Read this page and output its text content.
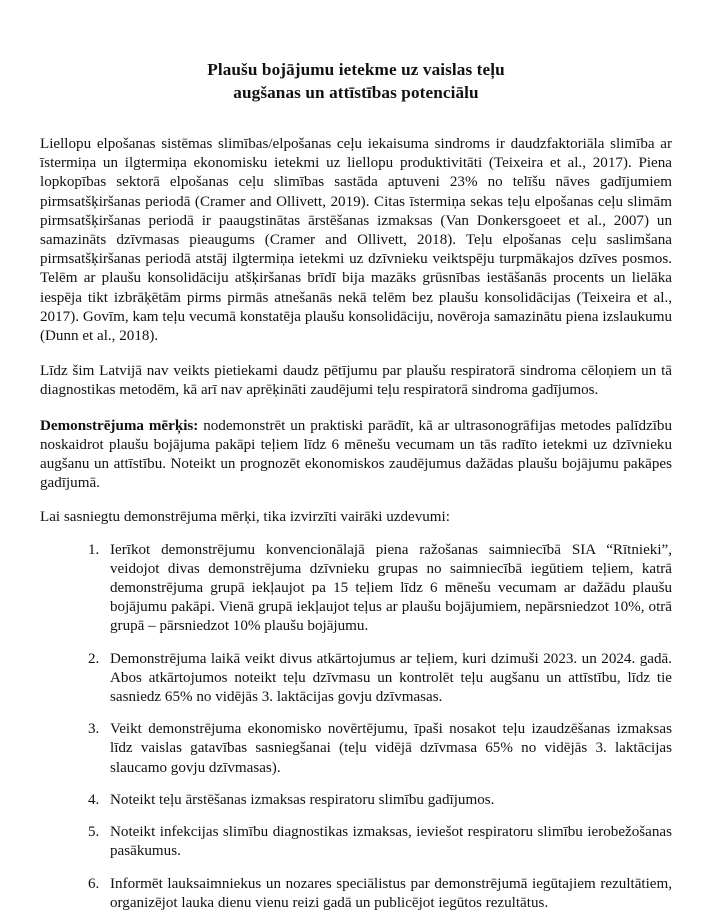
Plaušu bojājumu ietekme uz vaislas teļu
augšanas un attīstības potenciālu

Liellopu elpošanas sistēmas slimības/elpošanas ceļu iekaisuma sindroms ir daudzfaktoriāla slimība ar īstermiņa un ilgtermiņa ekonomisku ietekmi uz liellopu produktivitāti (Teixeira et al., 2017). Piena lopkopības sektorā elpošanas ceļu slimības sastāda aptuveni 23% no telīšu nāves gadījumiem pirmsatšķiršanas periodā (Cramer and Ollivett, 2019). Citas īstermiņa sekas teļu elpošanas ceļu slimām pirmsatšķiršanas periodā ir paaugstinātas ārstēšanas izmaksas (Van Donkersgoeet et al., 2007) un samazināts dzīvmasas pieaugums (Cramer and Ollivett, 2018). Teļu elpošanas ceļu saslimšana pirmsatšķiršanas periodā atstāj ilgtermiņa ietekmi uz dzīvnieku veiktspēju turpmākajos dzīves posmos. Telēm ar plaušu konsolidāciju atšķiršanas brīdī bija mazāks grūsnības iestāšanās procents un lielāka iespēja tikt izbrāķētām pirms pirmās atnešanās nekā telēm bez plaušu konsolidācijas (Teixeira et al., 2017). Govīm, kam teļu vecumā konstatēja plaušu konsolidāciju, novēroja samazinātu piena izslaukumu (Dunn et al., 2018).

Līdz šim Latvijā nav veikts pietiekami daudz pētījumu par plaušu respiratorā sindroma cēloņiem un tā diagnostikas metodēm, kā arī nav aprēķināti zaudējumi teļu respiratorā sindroma gadījumos.

Demonstrējuma mērķis: nodemonstrēt un praktiski parādīt, kā ar ultrasonogrāfijas metodes palīdzību noskaidrot plaušu bojājuma pakāpi teļiem līdz 6 mēnešu vecumam un tās radīto ietekmi uz dzīvnieku augšanu un attīstību. Noteikt un prognozēt ekonomiskos zaudējumus dažādas plaušu bojājumu pakāpes gadījumā.

Lai sasniegtu demonstrējuma mērķi, tika izvirzīti vairāki uzdevumi:

Ierīkot demonstrējumu konvencionālajā piena ražošanas saimniecībā SIA “Rītnieki”, veidojot divas demonstrējuma dzīvnieku grupas no saimniecībā iegūtiem teļiem, katrā demonstrējuma grupā iekļaujot pa 15 teļiem līdz 6 mēnešu vecumam ar dažādu plaušu bojājumu pakāpi. Vienā grupā iekļaujot teļus ar plaušu bojājumiem, nepārsniedzot 10%, otrā grupā – pārsniedzot 10% plaušu bojājumu.
Demonstrējuma laikā veikt divus atkārtojumus ar teļiem, kuri dzimuši 2023. un 2024. gadā. Abos atkārtojumos noteikt teļu dzīvmasu un kontrolēt teļu augšanu un attīstību, līdz tie sasniedz 65% no vidējās 3. laktācijas govju dzīvmasas.
Veikt demonstrējuma ekonomisko novērtējumu, īpaši nosakot teļu izaudzēšanas izmaksas līdz vaislas gatavības sasniegšanai (teļu vidējā dzīvmasa 65% no vidējās 3. laktācijas slaucamo govju dzīvmasas).
Noteikt teļu ārstēšanas izmaksas respiratoru slimību gadījumos.
Noteikt infekcijas slimību diagnostikas izmaksas, ieviešot respiratoru slimību ierobežošanas pasākumus.
Informēt lauksaimniekus un nozares speciālistus par demonstrējumā iegūtajiem rezultātiem, organizējot lauka dienu vienu reizi gadā un publicējot iegūtos rezultātus.
